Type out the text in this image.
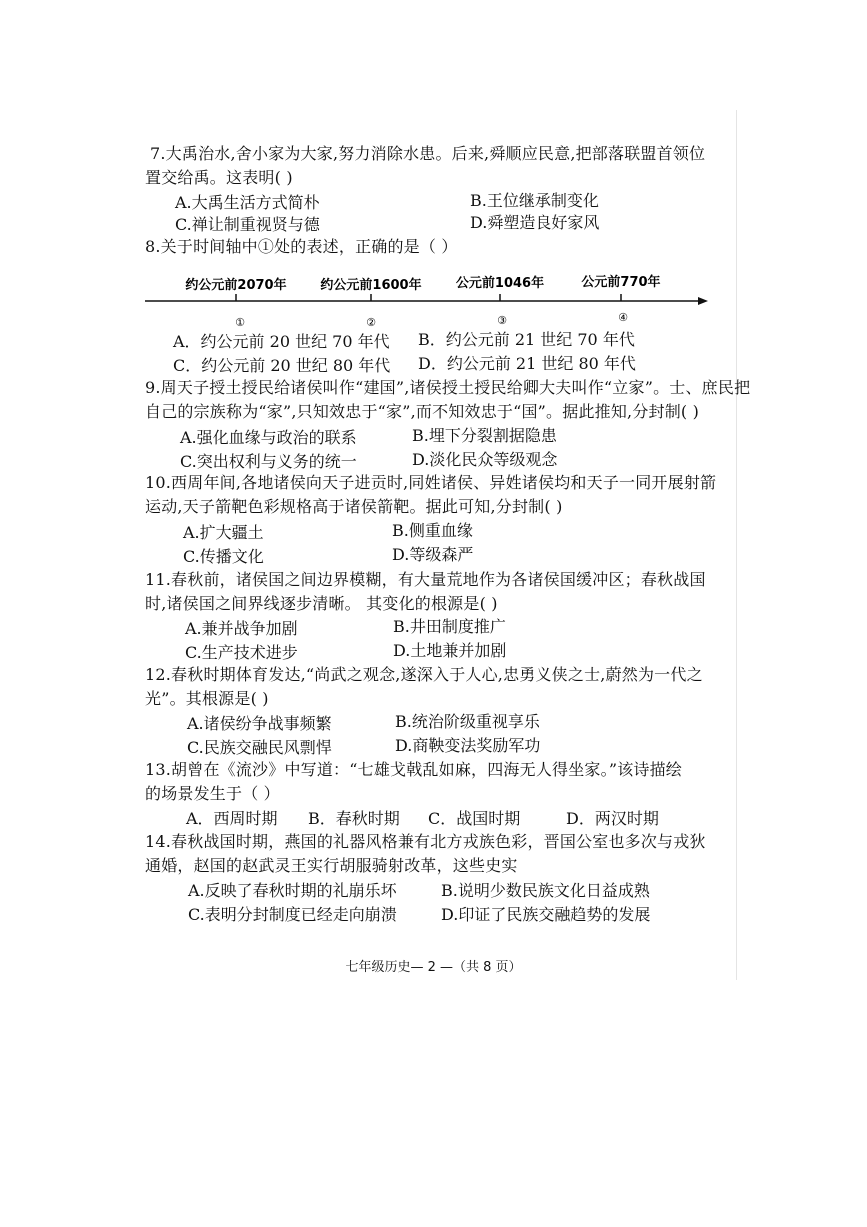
7.大禹治水,舍小家为大家,努力消除水患。后来,舜顺应民意,把部落联盟首领位
置交给禹。这表明( )
A.大禹生活方式简朴	B.王位继承制变化
C.禅让制重视贤与德	D.舜塑造良好家风
8.关于时间轴中①处的表述，正确的是（ ）
约公元前2070年	约公元前1600年	公元前1046年	公元前770年
①	②	③	④
A．约公元前 20 世纪 70 年代 B．约公元前 21 世纪 70 年代
C．约公元前 20 世纪 80 年代 D．约公元前 21 世纪 80 年代
9.周天子授土授民给诸侯叫作“建国”,诸侯授土授民给卿大夫叫作“立家”。士、庶民把
自己的宗族称为“家”,只知效忠于“家”,而不知效忠于“国”。据此推知,分封制( )
A.强化血缘与政治的联系	B.埋下分裂割据隐患
C.突出权利与义务的统一	D.淡化民众等级观念
10.西周年间,各地诸侯向天子进贡时,同姓诸侯、异姓诸侯均和天子一同开展射箭
运动,天子箭靶色彩规格高于诸侯箭靶。据此可知,分封制( )
A.扩大疆土	B.侧重血缘
C.传播文化	D.等级森严
11.春秋前，诸侯国之间边界模糊，有大量荒地作为各诸侯国缓冲区；春秋战国
时,诸侯国之间界线逐步清晰。 其变化的根源是( )
A.兼并战争加剧	B.井田制度推广
C.生产技术进步	D.土地兼并加剧
12.春秋时期体育发达,“尚武之观念,遂深入于人心,忠勇义侠之士,蔚然为一代之
光”。其根源是( )
A.诸侯纷争战事频繁	B.统治阶级重视享乐
C.民族交融民风剽悍	D.商鞅变法奖励军功
13.胡曾在《流沙》中写道：“七雄戈戟乱如麻，四海无人得坐家。”该诗描绘
的场景发生于（ ）
A．西周时期 B．春秋时期 C．战国时期	D．两汉时期
14.春秋战国时期，燕国的礼器风格兼有北方戎族色彩，晋国公室也多次与戎狄
通婚，赵国的赵武灵王实行胡服骑射改革，这些史实
A.反映了春秋时期的礼崩乐坏	B.说明少数民族文化日益成熟
C.表明分封制度已经走向崩溃	D.印证了民族交融趋势的发展
七年级历史— 2 —（共 8 页）
